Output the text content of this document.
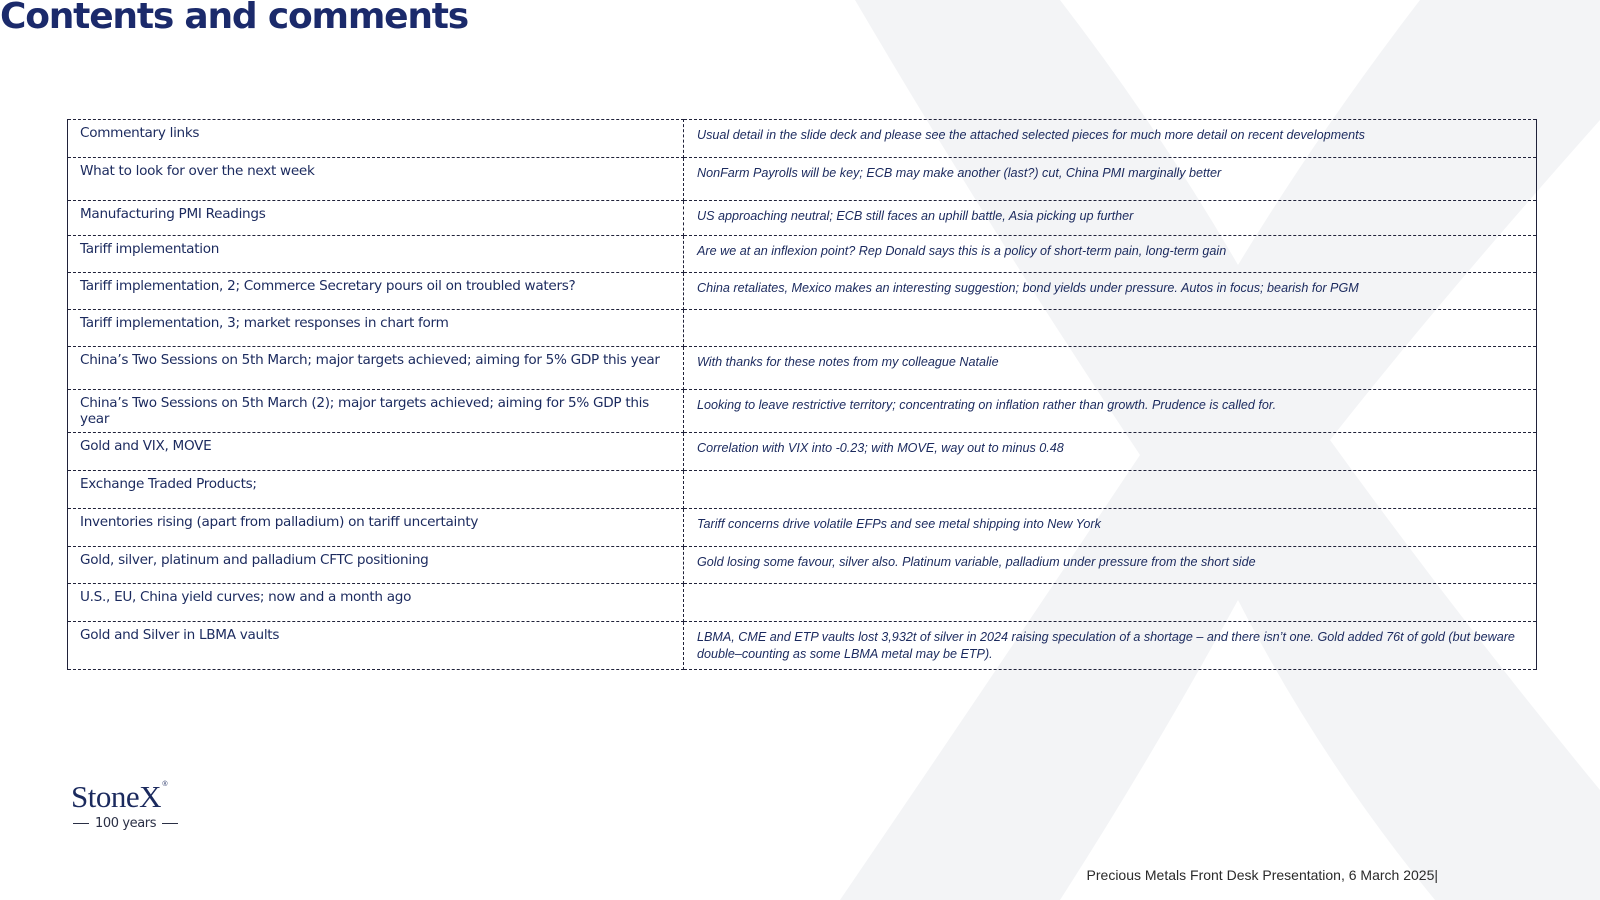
Contents and comments
Commentary links	Usual detail in the slide deck and please see the attached selected pieces for much more detail on recent developments
What to look for over the next week	NonFarm Payrolls will be key; ECB may make another (last?) cut, China PMI marginally better
Manufacturing PMI Readings	US approaching neutral; ECB still faces an uphill battle, Asia picking up further
Tariff implementation	Are we at an inflexion point? Rep Donald says this is a policy of short-term pain, long-term gain
Tariff implementation, 2; Commerce Secretary pours oil on troubled waters?	China retaliates, Mexico makes an interesting suggestion; bond yields under pressure. Autos in focus; bearish for PGM
Tariff implementation, 3; market responses in chart form	
China’s Two Sessions on 5th March; major targets achieved; aiming for 5% GDP this year	With thanks for these notes from my colleague Natalie
China’s Two Sessions on 5th March (2); major targets achieved; aiming for 5% GDP this year	Looking to leave restrictive territory; concentrating on inflation rather than growth. Prudence is called for.
Gold and VIX, MOVE	Correlation with VIX into -0.23; with MOVE, way out to minus 0.48
Exchange Traded Products;	
Inventories rising (apart from palladium) on tariff uncertainty	Tariff concerns drive volatile EFPs and see metal shipping into New York
Gold, silver, platinum and palladium CFTC positioning	Gold losing some favour, silver also. Platinum variable, palladium under pressure from the short side
U.S., EU, China yield curves; now and a month ago	
Gold and Silver in LBMA vaults	LBMA, CME and ETP vaults lost 3,932t of silver in 2024 raising speculation of a shortage – and there isn’t one. Gold added 76t of gold (but beware double–counting as some LBMA metal may be ETP).
StoneX ®
100 years
Precious Metals Front Desk Presentation, 6 March 2025|
